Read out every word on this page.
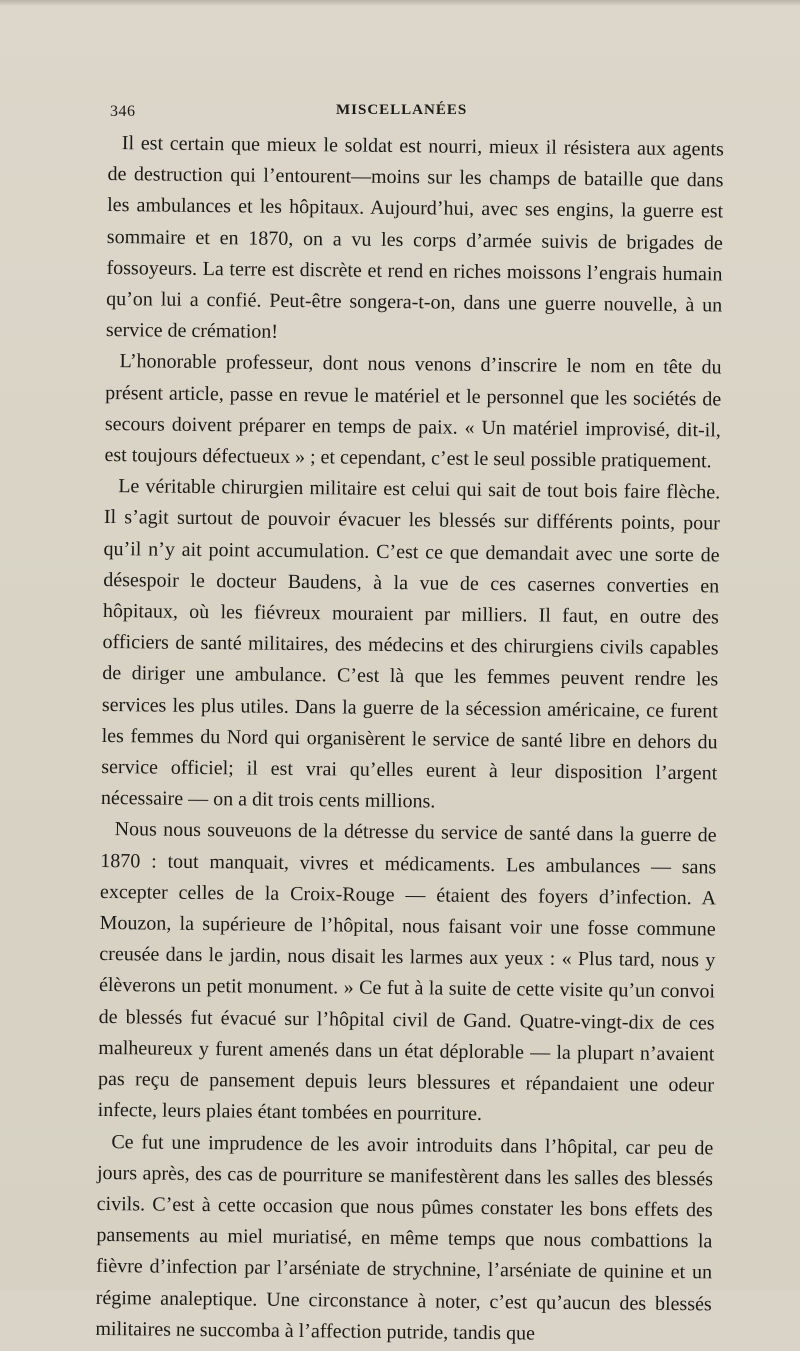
346	MISCELLANÉES

Il est certain que mieux le soldat est nourri, mieux il résistera aux agents de destruction qui l’entourent—moins sur les champs de bataille que dans les ambulances et les hôpitaux. Aujourd’hui, avec ses engins, la guerre est sommaire et en 1870, on a vu les corps d’armée suivis de brigades de fossoyeurs. La terre est discrète et rend en riches moissons l’engrais humain qu’on lui a confié. Peut-être songera-t-on, dans une guerre nouvelle, à un service de crémation!

L’honorable professeur, dont nous venons d’inscrire le nom en tête du présent article, passe en revue le matériel et le personnel que les sociétés de secours doivent préparer en temps de paix. « Un matériel improvisé, dit-il, est toujours défectueux » ; et cependant, c’est le seul possible pratiquement.

Le véritable chirurgien militaire est celui qui sait de tout bois faire flèche. Il s’agit surtout de pouvoir évacuer les blessés sur différents points, pour qu’il n’y ait point accumulation. C’est ce que demandait avec une sorte de désespoir le docteur Baudens, à la vue de ces casernes converties en hôpitaux, où les fiévreux mouraient par milliers. Il faut, en outre des officiers de santé militaires, des médecins et des chirurgiens civils capables de diriger une ambulance. C’est là que les femmes peuvent rendre les services les plus utiles. Dans la guerre de la sécession américaine, ce furent les femmes du Nord qui organisèrent le service de santé libre en dehors du service officiel; il est vrai qu’elles eurent à leur disposition l’argent nécessaire — on a dit trois cents millions.

Nous nous souveuons de la détresse du service de santé dans la guerre de 1870 : tout manquait, vivres et médicaments. Les ambulances — sans excepter celles de la Croix-Rouge — étaient des foyers d’infection. A Mouzon, la supérieure de l’hôpital, nous faisant voir une fosse commune creusée dans le jardin, nous disait les larmes aux yeux : « Plus tard, nous y élèverons un petit monument. » Ce fut à la suite de cette visite qu’un convoi de blessés fut évacué sur l’hôpital civil de Gand. Quatre-vingt-dix de ces malheureux y furent amenés dans un état déplorable — la plupart n’avaient pas reçu de pansement depuis leurs blessures et répandaient une odeur infecte, leurs plaies étant tombées en pourriture.

Ce fut une imprudence de les avoir introduits dans l’hôpital, car peu de jours après, des cas de pourriture se manifestèrent dans les salles des blessés civils. C’est à cette occasion que nous pûmes constater les bons effets des pansements au miel muriatisé, en même temps que nous combattions la fièvre d’infection par l’arséniate de strychnine, l’arséniate de quinine et un régime analeptique. Une circonstance à noter, c’est qu’aucun des blessés militaires ne succomba à l’affection putride, tandis que
